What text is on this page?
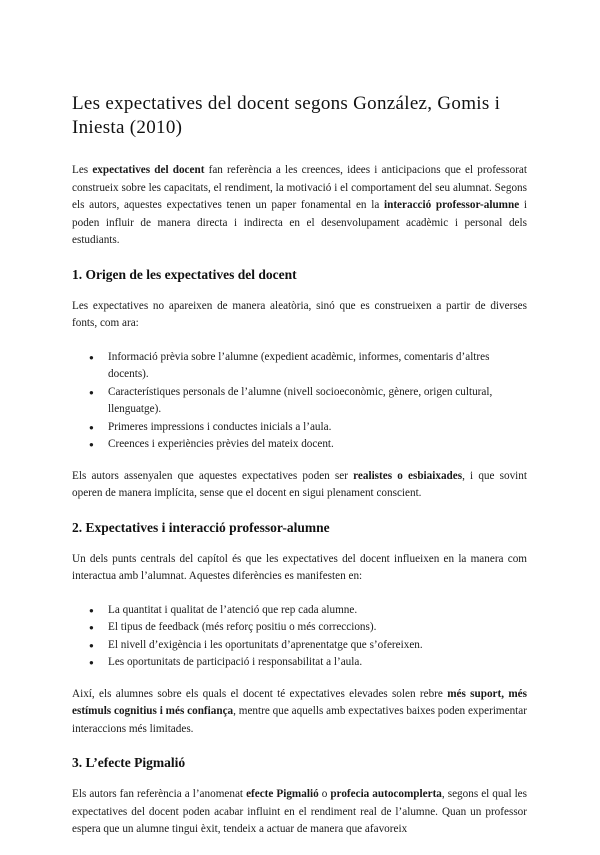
Les expectatives del docent segons González, Gomis i Iniesta (2010)

Les expectatives del docent fan referència a les creences, idees i anticipacions que el professorat construeix sobre les capacitats, el rendiment, la motivació i el comportament del seu alumnat. Segons els autors, aquestes expectatives tenen un paper fonamental en la interacció professor-alumne i poden influir de manera directa i indirecta en el desenvolupament acadèmic i personal dels estudiants.

1. Origen de les expectatives del docent

Les expectatives no apareixen de manera aleatòria, sinó que es construeixen a partir de diverses fonts, com ara:

● Informació prèvia sobre l’alumne (expedient acadèmic, informes, comentaris d’altres docents).
● Característiques personals de l’alumne (nivell socioeconòmic, gènere, origen cultural, llenguatge).
● Primeres impressions i conductes inicials a l’aula.
● Creences i experiències prèvies del mateix docent.

Els autors assenyalen que aquestes expectatives poden ser realistes o esbiaixades, i que sovint operen de manera implícita, sense que el docent en sigui plenament conscient.

2. Expectatives i interacció professor-alumne

Un dels punts centrals del capítol és que les expectatives del docent influeixen en la manera com interactua amb l’alumnat. Aquestes diferències es manifesten en:

● La quantitat i qualitat de l’atenció que rep cada alumne.
● El tipus de feedback (més reforç positiu o més correccions).
● El nivell d’exigència i les oportunitats d’aprenentatge que s’ofereixen.
● Les oportunitats de participació i responsabilitat a l’aula.

Així, els alumnes sobre els quals el docent té expectatives elevades solen rebre més suport, més estímuls cognitius i més confiança, mentre que aquells amb expectatives baixes poden experimentar interaccions més limitades.

3. L’efecte Pigmalió

Els autors fan referència a l’anomenat efecte Pigmalió o profecia autocomplerta, segons el qual les expectatives del docent poden acabar influint en el rendiment real de l’alumne. Quan un professor espera que un alumne tingui èxit, tendeix a actuar de manera que afavoreix
